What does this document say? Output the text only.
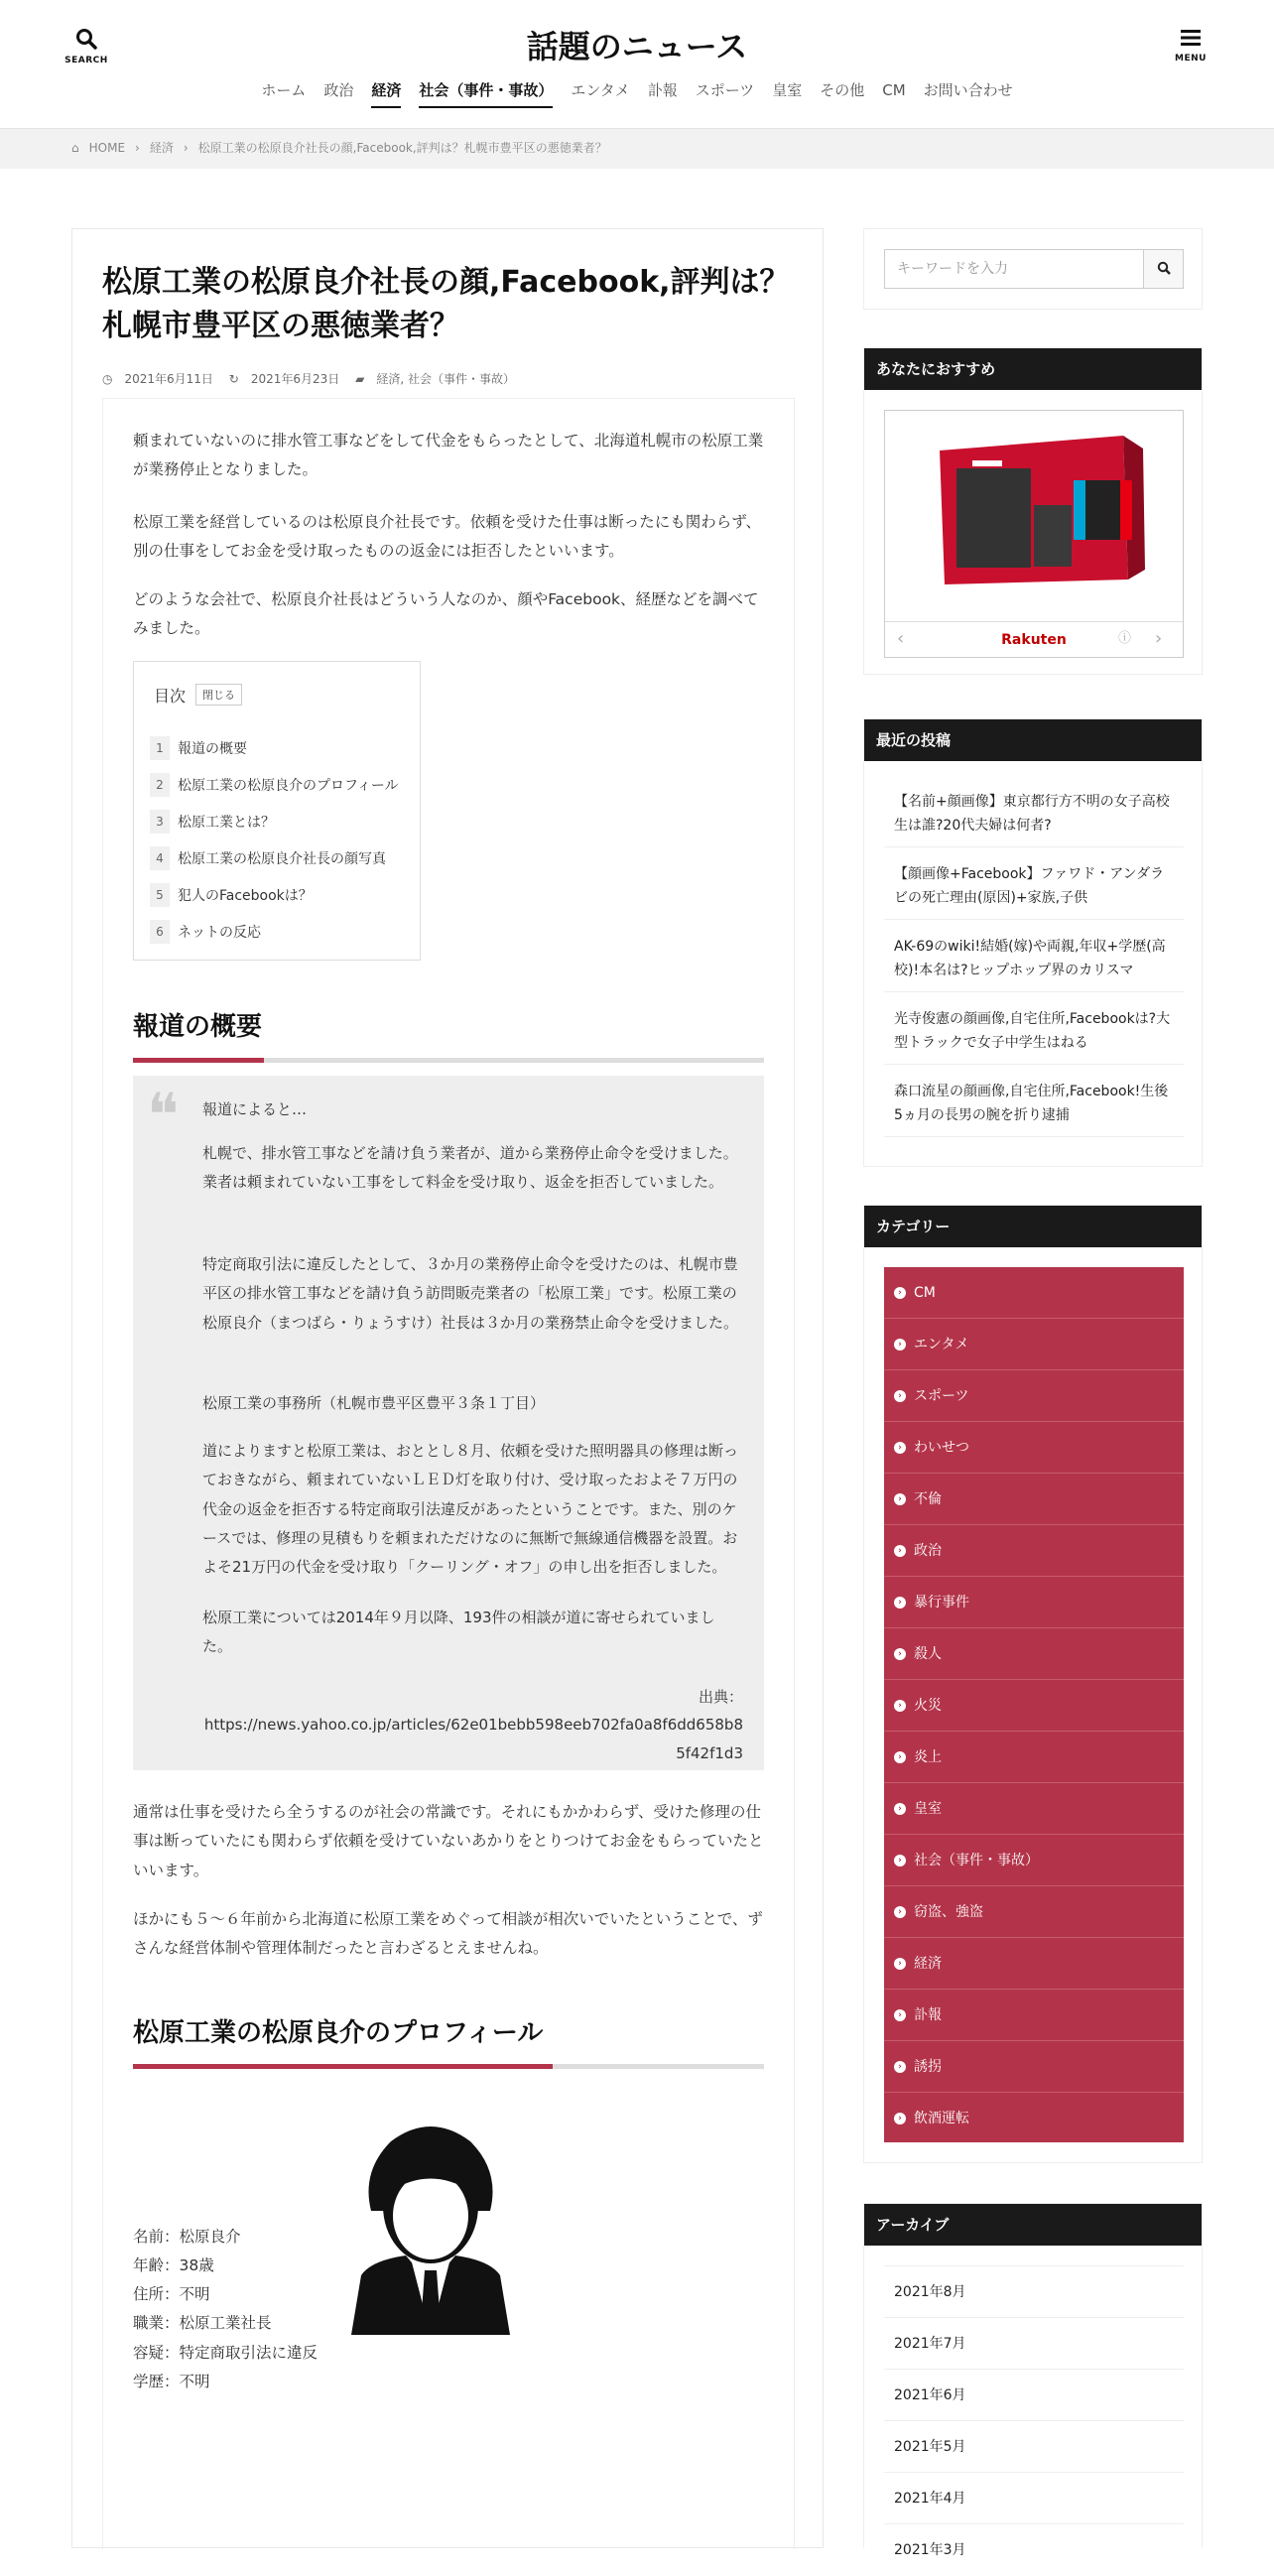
SEARCH	話題のニュース	MENU
ホーム 政治 経済 社会（事件・事故） エンタメ 訃報 スポーツ 皇室 その他 CM お問い合わせ
⌂ HOME › 経済 › 松原工業の松原良介社長の顔,Facebook,評判は？札幌市豊平区の悪徳業者？
松原工業の松原良介社長の顔,Facebook,評判は？札幌市豊平区の悪徳業者？
◷ 2021年6月11日 ↻ 2021年6月23日 ▰ 経済, 社会（事件・事故）

頼まれていないのに排水管工事などをして代金をもらったとして、北海道札幌市の松原工業が業務停止となりました。

松原工業を経営しているのは松原良介社長です。依頼を受けた仕事は断ったにも関わらず、別の仕事をしてお金を受け取ったものの返金には拒否したといいます。

どのような会社で、松原良介社長はどういう人なのか、顔やFacebook、経歴などを調べてみました。

目次	閉じる
1	報道の概要
2	松原工業の松原良介のプロフィール
3	松原工業とは？
4	松原工業の松原良介社長の顔写真
5	犯人のFacebookは？
6	ネットの反応
報道の概要
❝ 報道によると…
札幌で、排水管工事などを請け負う業者が、道から業務停止命令を受けました。業者は頼まれていない工事をして料金を受け取り、返金を拒否していました。
特定商取引法に違反したとして、３か月の業務停止命令を受けたのは、札幌市豊平区の排水管工事などを請け負う訪問販売業者の「松原工業」です。松原工業の松原良介（まつばら・りょうすけ）社長は３か月の業務禁止命令を受けました。
松原工業の事務所（札幌市豊平区豊平３条１丁目）
道によりますと松原工業は、おととし８月、依頼を受けた照明器具の修理は断っておきながら、頼まれていないＬＥＤ灯を取り付け、受け取ったおよそ７万円の代金の返金を拒否する特定商取引法違反があったということです。また、別のケースでは、修理の見積もりを頼まれただけなのに無断で無線通信機器を設置。およそ21万円の代金を受け取り「クーリング・オフ」の申し出を拒否しました。
松原工業については2014年９月以降、193件の相談が道に寄せられていました。
出典：
https://news.yahoo.co.jp/articles/62e01bebb598eeb702fa0a8f6dd658b85f42f1d3

通常は仕事を受けたら全うするのが社会の常識です。それにもかかわらず、受けた修理の仕事は断っていたにも関わらず依頼を受けていないあかりをとりつけてお金をもらっていたといいます。

ほかにも５～６年前から北海道に松原工業をめぐって相談が相次いでいたということで、ずさんな経営体制や管理体制だったと言わざるとえませんね。

松原工業の松原良介のプロフィール
名前：松原良介
年齢：38歳
住所：不明
職業：松原工業社長
容疑：特定商取引法に違反
学歴：不明
キーワードを入力
あなたにおすすめ
Rakuten
‹	›
ⓘ
最近の投稿
【名前+顔画像】東京都行方不明の女子高校生は誰?20代夫婦は何者?
【顔画像+Facebook】ファワド・アンダラビの死亡理由(原因)+家族,子供
AK-69のwiki!結婚(嫁)や両親,年収+学歴(高校)!本名は?ヒップホップ界のカリスマ
光寺俊憲の顔画像,自宅住所,Facebookは?大型トラックで女子中学生はねる
森口流星の顔画像,自宅住所,Facebook!生後5ヵ月の長男の腕を折り逮捕
カテゴリー
› CM
› エンタメ
› スポーツ
› わいせつ
› 不倫
› 政治
› 暴行事件
› 殺人
› 火災
› 炎上
› 皇室
› 社会（事件・事故）
› 窃盗、強盗
› 経済
› 訃報
› 誘拐
› 飲酒運転
アーカイブ
2021年8月
2021年7月
2021年6月
2021年5月
2021年4月
2021年3月
